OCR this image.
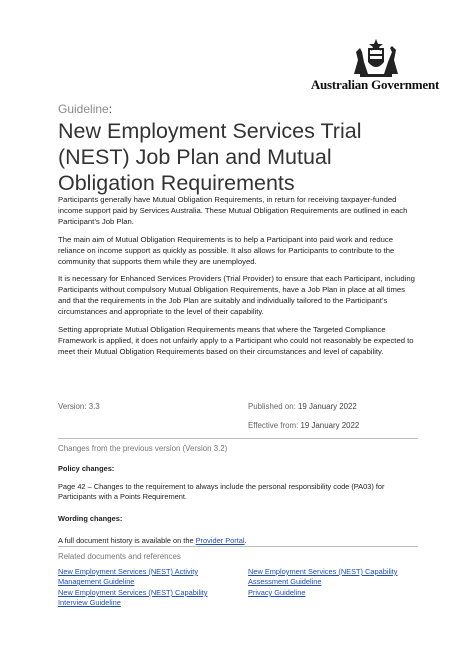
Australian Government
Guideline:
New Employment Services Trial (NEST) Job Plan and Mutual Obligation Requirements

Participants generally have Mutual Obligation Requirements, in return for receiving taxpayer-funded income support paid by Services Australia. These Mutual Obligation Requirements are outlined in each Participant’s Job Plan.

The main aim of Mutual Obligation Requirements is to help a Participant into paid work and reduce reliance on income support as quickly as possible. It also allows for Participants to contribute to the community that supports them while they are unemployed.

It is necessary for Enhanced Services Providers (Trial Provider) to ensure that each Participant, including Participants without compulsory Mutual Obligation Requirements, have a Job Plan in place at all times and that the requirements in the Job Plan are suitably and individually tailored to the Participant’s circumstances and appropriate to the level of their capability.

Setting appropriate Mutual Obligation Requirements means that where the Targeted Compliance Framework is applied, it does not unfairly apply to a Participant who could not reasonably be expected to meet their Mutual Obligation Requirements based on their circumstances and level of capability.

Version: 3.3	Published on: 19 January 2022
Effective from: 19 January 2022
Changes from the previous version (Version 3.2)
Policy changes:
Page 42 – Changes to the requirement to always include the personal responsibility code (PA03) for Participants with a Points Requirement.
Wording changes:
A full document history is available on the Provider Portal.
Related documents and references
New Employment Services (NEST) Activity Management Guideline
New Employment Services (NEST) Capability Assessment Guideline
New Employment Services (NEST) Capability Interview Guideline
Privacy Guideline
